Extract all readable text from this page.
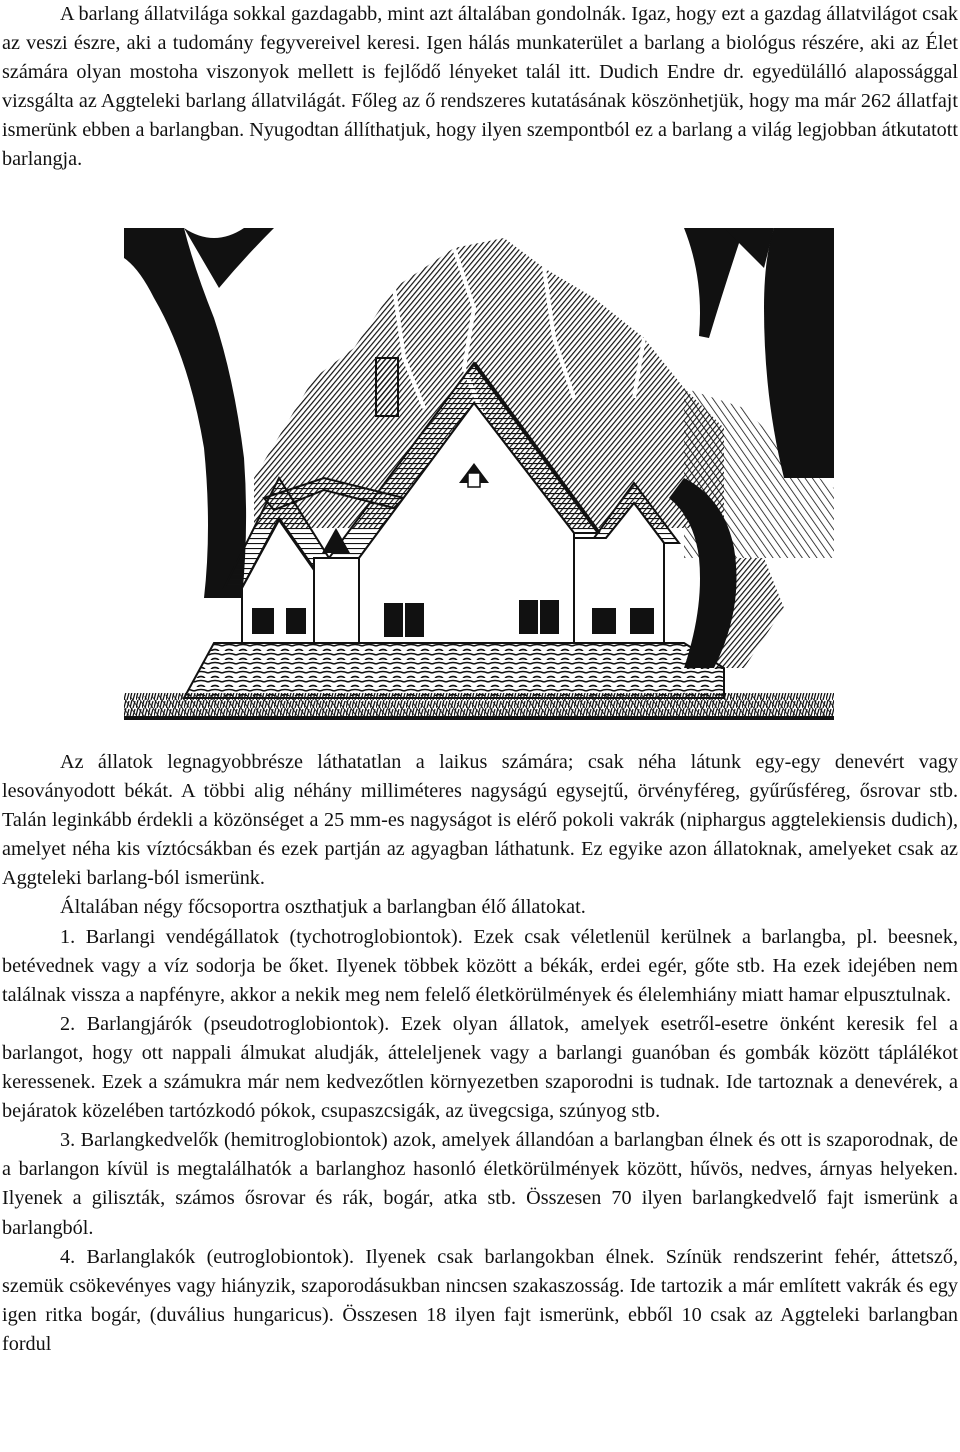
A barlang állatvilága sokkal gazdagabb, mint azt általában gondolnák. Igaz, hogy ezt a gazdag állatvilágot csak az veszi észre, aki a tudomány fegyvereivel keresi. Igen hálás munkaterület a barlang a biológus részére, aki az Élet számára olyan mostoha viszonyok mellett is fejlődő lényeket talál itt. Dudich Endre dr. egyedülálló alapossággal vizsgálta az Aggteleki barlang állatvilágát. Főleg az ő rendszeres kutatásának köszönhetjük, hogy ma már 262 állatfajt ismerünk ebben a barlangban. Nyugodtan állíthatjuk, hogy ilyen szempontból ez a barlang a világ legjobban átkutatott barlangja.

Az állatok legnagyobbrésze láthatatlan a laikus számára; csak néha látunk egy-egy denevért vagy lesoványodott békát. A többi alig néhány milliméteres nagyságú egysejtű, örvényféreg, gyűrűsféreg, ősrovar stb. Talán leginkább érdekli a közönséget a 25 mm-es nagyságot is elérő pokoli vakrák (niphargus aggtelekiensis dudich), amelyet néha kis víztócsákban és ezek partján az agyagban láthatunk. Ez egyike azon állatoknak, amelyeket csak az Aggteleki barlang-ból ismerünk.

Általában négy főcsoportra oszthatjuk a barlangban élő állatokat.

1. Barlangi vendégállatok (tychotroglobiontok). Ezek csak véletlenül kerülnek a barlangba, pl. beesnek, betévednek vagy a víz sodorja be őket. Ilyenek többek között a békák, erdei egér, gőte stb. Ha ezek idejében nem találnak vissza a napfényre, akkor a nekik meg nem felelő életkörülmények és élelemhiány miatt hamar elpusztulnak.

2. Barlangjárók (pseudotroglobiontok). Ezek olyan állatok, amelyek esetről-esetre önként keresik fel a barlangot, hogy ott nappali álmukat aludják, átteleljenek vagy a barlangi guanóban és gombák között táplálékot keressenek. Ezek a számukra már nem kedvezőtlen környezetben szaporodni is tudnak. Ide tartoznak a denevérek, a bejáratok közelében tartózkodó pókok, csupaszcsigák, az üvegcsiga, szúnyog stb.

3. Barlangkedvelők (hemitroglobiontok) azok, amelyek állandóan a barlangban élnek és ott is szaporodnak, de a barlangon kívül is megtalálhatók a barlanghoz hasonló életkörülmények között, hűvös, nedves, árnyas helyeken. Ilyenek a giliszták, számos ősrovar és rák, bogár, atka stb. Összesen 70 ilyen barlangkedvelő fajt ismerünk a barlangból.

4. Barlanglakók (eutroglobiontok). Ilyenek csak barlangokban élnek. Színük rendszerint fehér, áttetsző, szemük csökevényes vagy hiányzik, szaporodásukban nincsen szakaszosság. Ide tartozik a már említett vakrák és egy igen ritka bogár, (duválius hungaricus). Összesen 18 ilyen fajt ismerünk, ebből 10 csak az Aggteleki barlangban fordul
